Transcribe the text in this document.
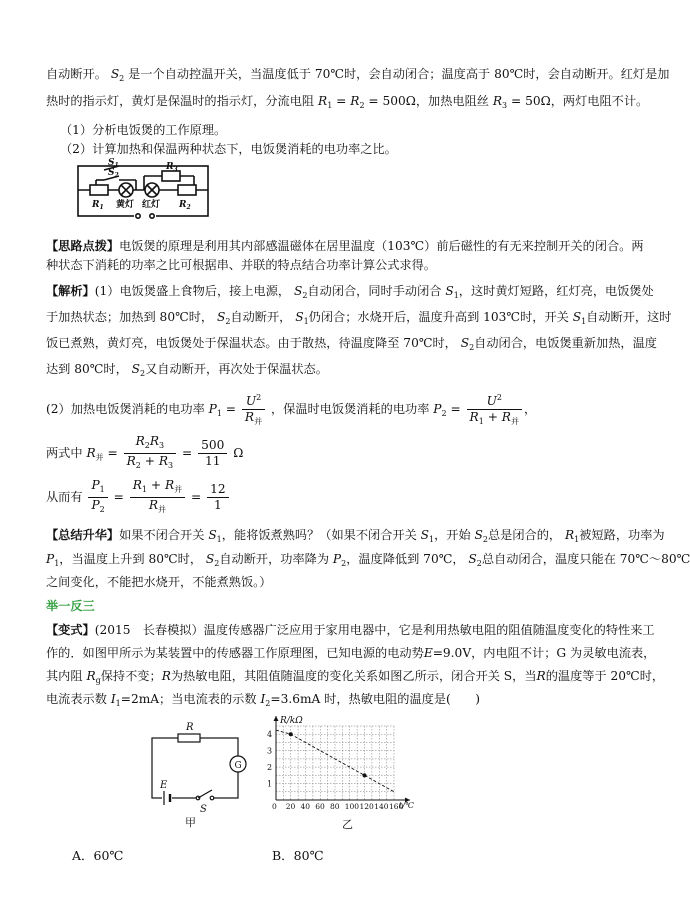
自动断开。 $S_2$ 是一个自动控温开关，当温度低于 70℃时，会自动闭合；温度高于 80℃时，会自动断开。红灯是加
热时的指示灯，黄灯是保温时的指示灯，分流电阻 $R_1 = R_2 = 500\Omega$，加热电阻丝 $R_3 = 50\Omega$，两灯电阻不计。
（1）分析电饭煲的工作原理。
（2）计算加热和保温两种状态下，电饭煲消耗的电功率之比。
$S_1$
$S_2$
$R_3$
$R_1$	$R_2$
黄灯 红灯
【思路点拨】电饭煲的原理是利用其内部感温磁体在居里温度（103℃）前后磁性的有无来控制开关的闭合。两
种状态下消耗的功率之比可根据串、并联的特点结合功率计算公式求得。
【解析】(1）电饭煲盛上食物后，接上电源， $S_2$自动闭合，同时手动闭合 $S_1$，这时黄灯短路，红灯亮，电饭煲处
于加热状态；加热到 80℃时， $S_2$自动断开， $S_1$仍闭合；水烧开后，温度升高到 103℃时，开关 $S_1$自动断开，这时
饭已煮熟，黄灯亮，电饭煲处于保温状态。由于散热，待温度降至 70℃时， $S_2$自动闭合，电饭煲重新加热，温度
达到 80℃时， $S_2$又自动断开，再次处于保温状态。
(2）加热电饭煲消耗的电功率 $P_1 = \frac{U^2}{R_并}$ ，保温时电饭煲消耗的电功率 $P_2 = \frac{U^2}{R_1 + R_并}$ ，
两式中 $R_并 = \frac{R_2R_3}{R_2 + R_3} = \frac{500}{11}$ Ω
从而有 $\frac{P_1}{P_2} = \frac{R_1 + R_并}{R_并} = \frac{12}{1}$
【总结升华】如果不闭合开关 $S_1$，能将饭煮熟吗？（如果不闭合开关 $S_1$，开始 $S_2$总是闭合的， $R_1$被短路，功率为
$P_1$，当温度上升到 80℃时， $S_2$自动断开，功率降为 $P_2$，温度降低到 70℃， $S_2$总自动闭合，温度只能在 70℃～80℃
之间变化，不能把水烧开，不能煮熟饭。）
举一反三
【变式】(2015　长春模拟）温度传感器广泛应用于家用电器中，它是利用热敏电阻的阻值随温度变化的特性来工
作的．如图甲所示为某装置中的传感器工作原理图，已知电源的电动势E=9.0V，内电阻不计；G 为灵敏电流表，
其内阻 $R_g$保持不变；R为热敏电阻，其阻值随温度的变化关系如图乙所示，闭合开关 S，当R的温度等于 20℃时，
电流表示数 $I_1=2mA$；当电流表的示数 $I_2=3.6mA$ 时，热敏电阻的温度是(　　)
R
G
E
S
甲
0 20 40 60 80 100 120 140 160
1
2
3
4
R/kΩ
t/℃
乙
A．60℃	B．80℃
